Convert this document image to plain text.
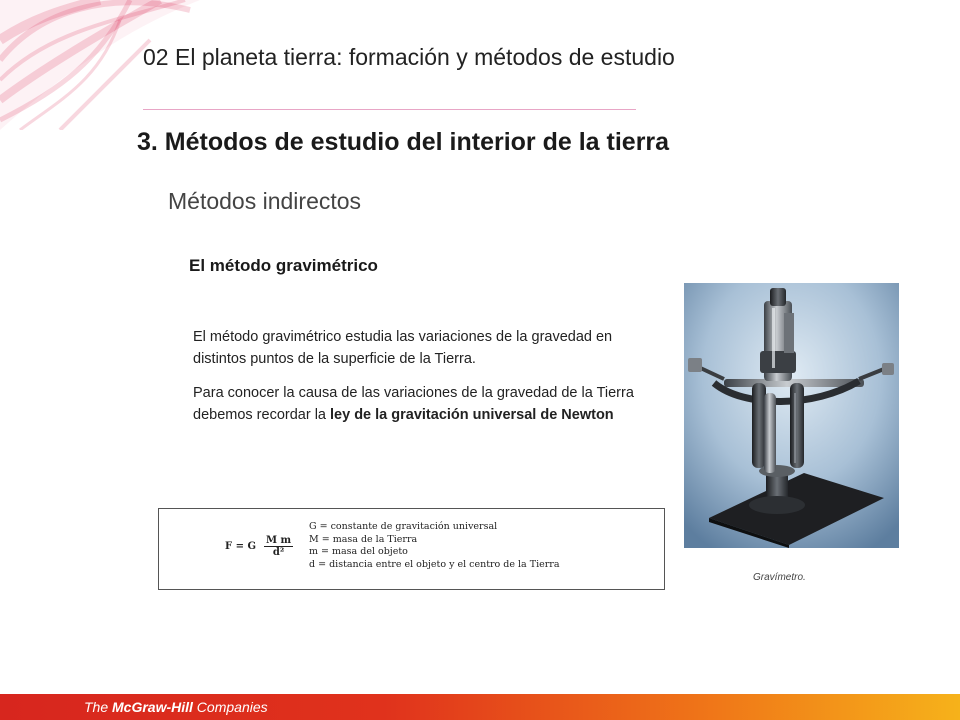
02 El planeta tierra: formación y métodos de estudio
3. Métodos de estudio del interior de la tierra
Métodos indirectos
El método gravimétrico

El método gravimétrico estudia las variaciones de la gravedad en distintos puntos de la superficie de la Tierra.

Para conocer la causa de las variaciones de la gravedad de la Tierra debemos recordar la ley de la gravitación universal de Newton

F = G $\frac{\text{M m}}{\text{d²}}$
G = constante de gravitación universal
M = masa de la Tierra
m = masa del objeto
d = distancia entre el objeto y el centro de la Tierra
Gravímetro.
The McGraw-Hill Companies
